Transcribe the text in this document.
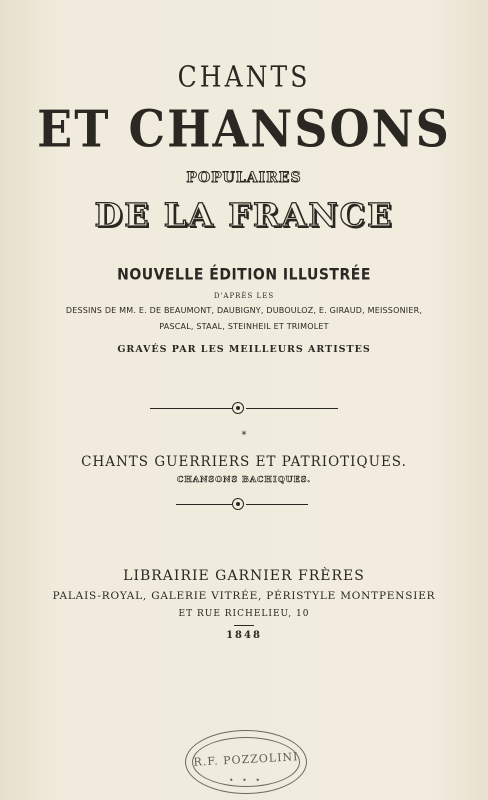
CHANTS
ET CHANSONS
POPULAIRES
DE LA FRANCE
NOUVELLE ÉDITION ILLUSTRÉE
D'APRÈS LES
DESSINS DE MM. E. DE BEAUMONT, DAUBIGNY, DUBOULOZ, E. GIRAUD, MEISSONIER,
PASCAL, STAAL, STEINHEIL ET TRIMOLET
GRAVÉS PAR LES MEILLEURS ARTISTES
*
CHANTS GUERRIERS ET PATRIOTIQUES.
CHANSONS BACHIQUES.
LIBRAIRIE GARNIER FRÈRES
PALAIS-ROYAL, GALERIE VITRÉE, PÉRISTYLE MONTPENSIER
ET RUE RICHELIEU, 10
1848
R.F. POZZOLINI
• • •
